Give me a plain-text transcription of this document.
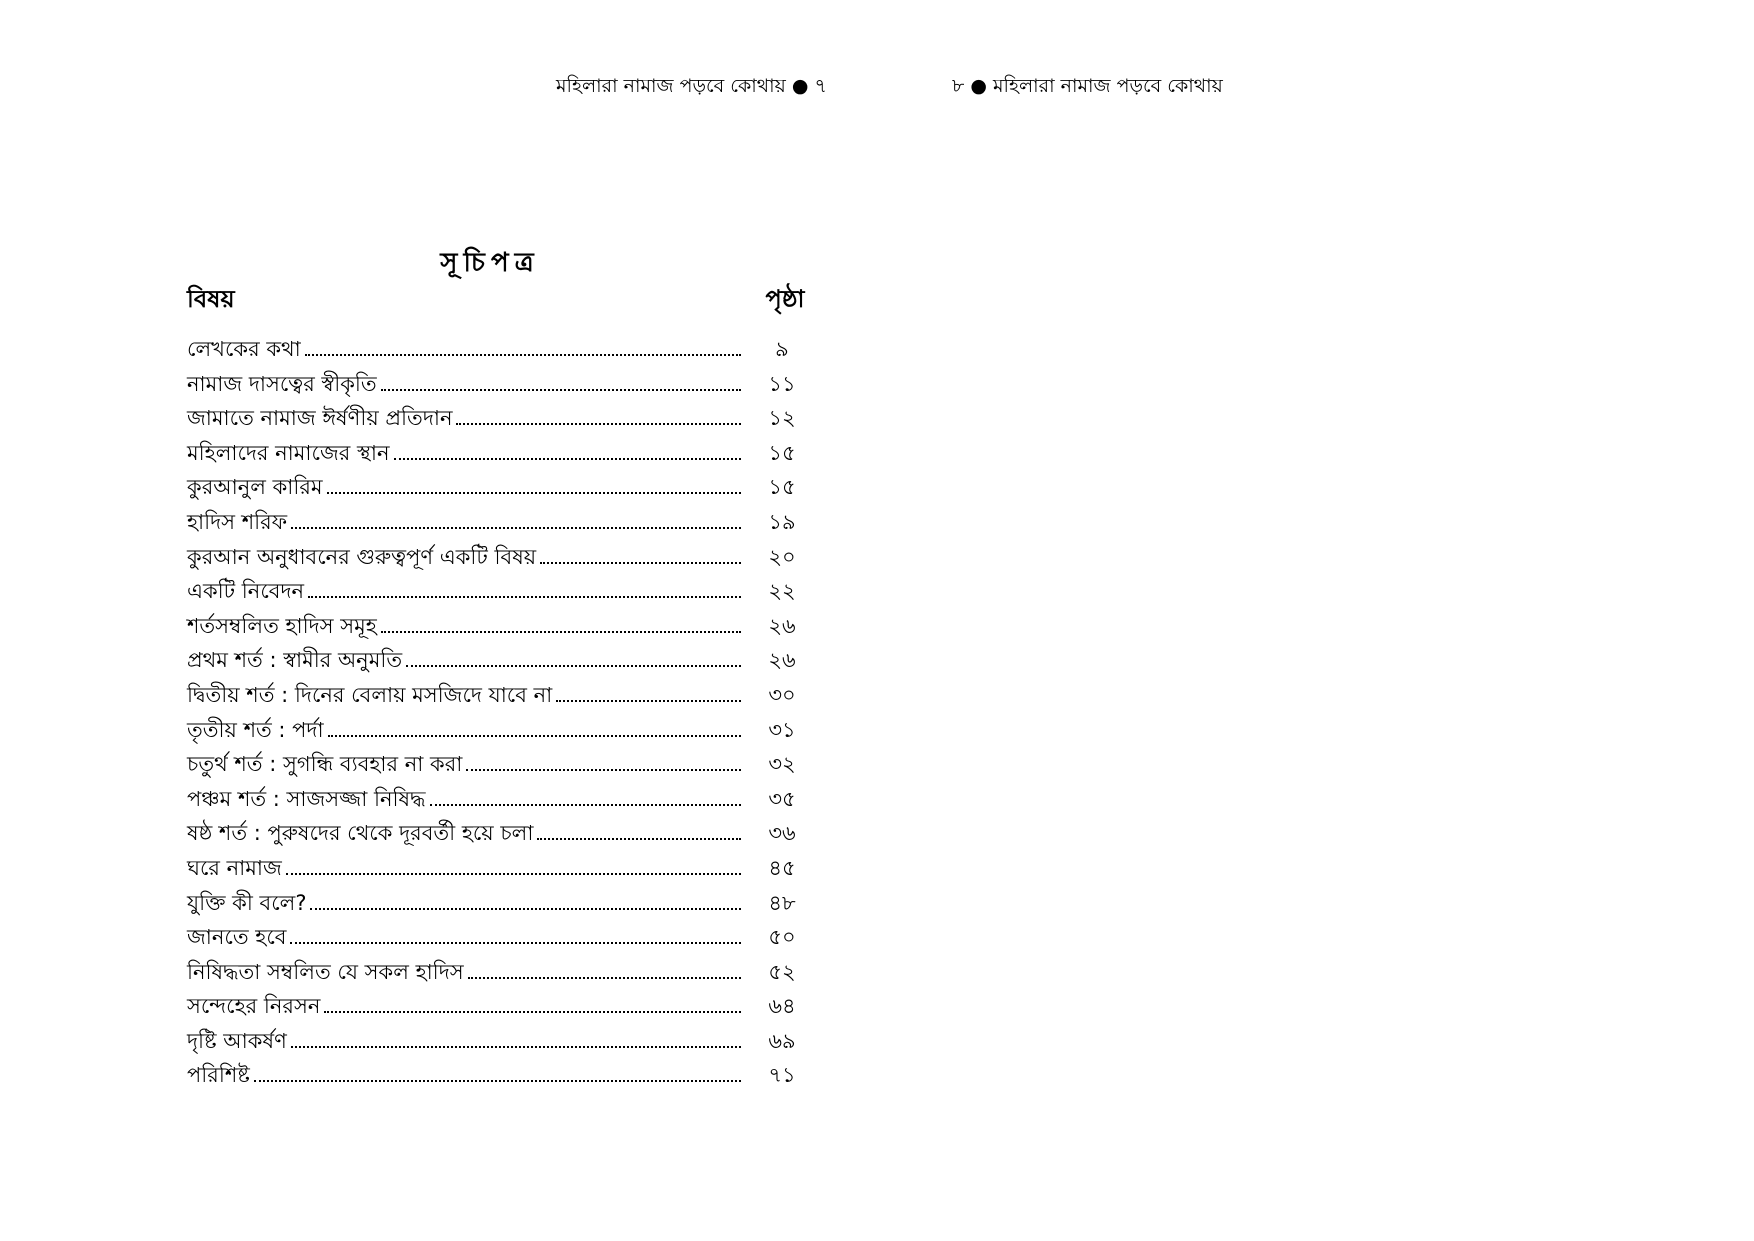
মহিলারা নামাজ পড়বে কোথায় ● ৭	৮ ● মহিলারা নামাজ পড়বে কোথায়
সূচিপত্র
বিষয়	পৃষ্ঠা
লেখকের কথা	৯
নামাজ দাসত্বের স্বীকৃতি	১১
জামাতে নামাজ ঈর্ষণীয় প্রতিদান	১২
মহিলাদের নামাজের স্থান	১৫
কুরআনুল কারিম	১৫
হাদিস শরিফ	১৯
কুরআন অনুধাবনের গুরুত্বপূর্ণ একটি বিষয়	২০
একটি নিবেদন	২২
শর্তসম্বলিত হাদিস সমূহ	২৬
প্রথম শর্ত : স্বামীর অনুমতি	২৬
দ্বিতীয় শর্ত : দিনের বেলায় মসজিদে যাবে না	৩০
তৃতীয় শর্ত : পর্দা	৩১
চতুর্থ শর্ত : সুগন্ধি ব্যবহার না করা	৩২
পঞ্চম শর্ত : সাজসজ্জা নিষিদ্ধ	৩৫
ষষ্ঠ শর্ত : পুরুষদের থেকে দূরবর্তী হয়ে চলা	৩৬
ঘরে নামাজ	৪৫
যুক্তি কী বলে?	৪৮
জানতে হবে	৫০
নিষিদ্ধতা সম্বলিত যে সকল হাদিস	৫২
সন্দেহের নিরসন	৬৪
দৃষ্টি আকর্ষণ	৬৯
পরিশিষ্ট	৭১
